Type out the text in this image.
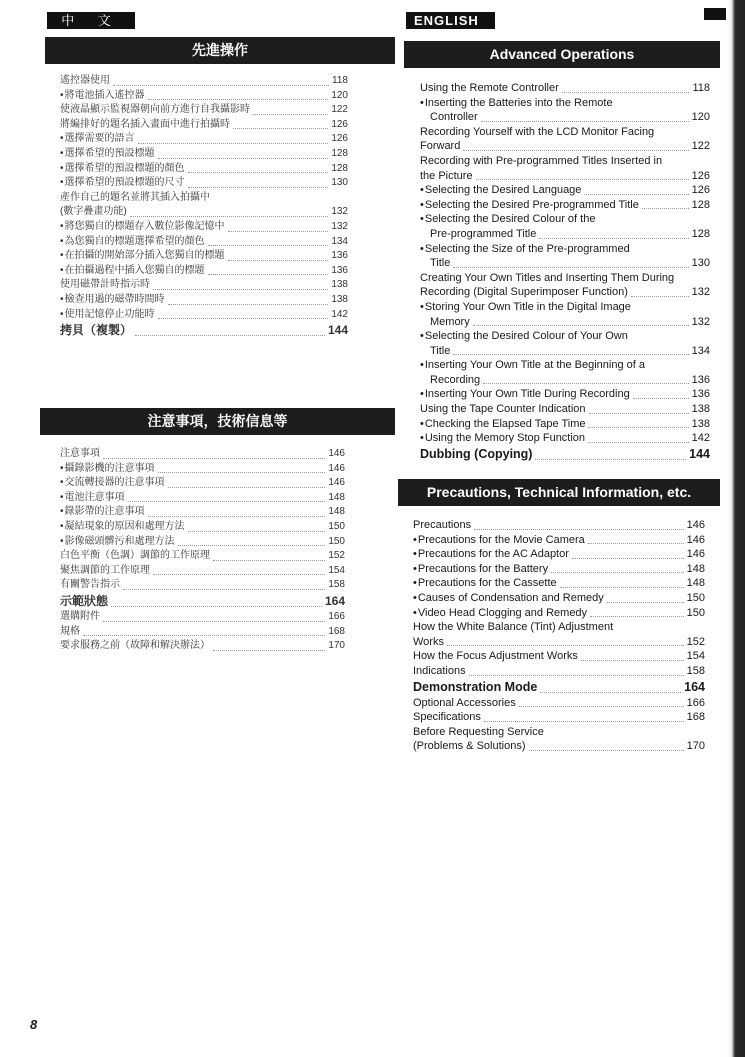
中 文	ENGLISH
先進操作
注意事項，技術信息等
Advanced Operations
Precautions, Technical Information, etc.
遙控器使用	118
• 將電池插入遙控器	120
使液晶顯示監視器朝向前方進行自我攝影時	122
將編排好的題名插入畫面中進行拍攝時	126
• 選擇需要的語言	126
• 選擇希望的預設標題	128
• 選擇希望的預設標題的顏色	128
• 選擇希望的預設標題的尺寸	130
產作自己的題名並將其插入拍攝中
(數字疊畫功能)	132
• 將您獨自的標題存入數位影像記憶中	132
• 為您獨自的標題選擇希望的顏色	134
• 在拍攝的開始部分插入您獨自的標題	136
• 在拍攝過程中插入您獨自的標題	136
使用磁帶計時指示時	138
• 檢查用過的磁帶時間時	138
• 使用記憶停止功能時	142
拷貝（複製）	144
注意事項	146
• 攝錄影機的注意事項	146
• 交流轉接器的注意事項	146
• 電池注意事項	148
• 錄影帶的注意事項	148
• 凝結現象的原因和處理方法	150
• 影像磁頭髒污和處理方法	150
白色平衡（色調）調節的工作原理	152
聚焦調節的工作原理	154
有關警告指示	158
示範狀態	164
選購附件	166
規格	168
要求服務之前（故障和解決辦法）	170
Using the Remote Controller	118
• Inserting the Batteries into the Remote
Controller	120
Recording Yourself with the LCD Monitor Facing
Forward	122
Recording with Pre-programmed Titles Inserted in
the Picture	126
• Selecting the Desired Language	126
• Selecting the Desired Pre-programmed Title	128
• Selecting the Desired Colour of the
Pre-programmed Title	128
• Selecting the Size of the Pre-programmed
Title	130
Creating Your Own Titles and Inserting Them During
Recording (Digital Superimposer Function)	132
• Storing Your Own Title in the Digital Image
Memory	132
• Selecting the Desired Colour of Your Own
Title	134
• Inserting Your Own Title at the Beginning of a
Recording	136
• Inserting Your Own Title During Recording	136
Using the Tape Counter Indication	138
• Checking the Elapsed Tape Time	138
• Using the Memory Stop Function	142
Dubbing (Copying)	144
Precautions	146
• Precautions for the Movie Camera	146
• Precautions for the AC Adaptor	146
• Precautions for the Battery	148
• Precautions for the Cassette	148
• Causes of Condensation and Remedy	150
• Video Head Clogging and Remedy	150
How the White Balance (Tint) Adjustment
Works	152
How the Focus Adjustment Works	154
Indications	158
Demonstration Mode	164
Optional Accessories	166
Specifications	168
Before Requesting Service
(Problems & Solutions)	170
8
